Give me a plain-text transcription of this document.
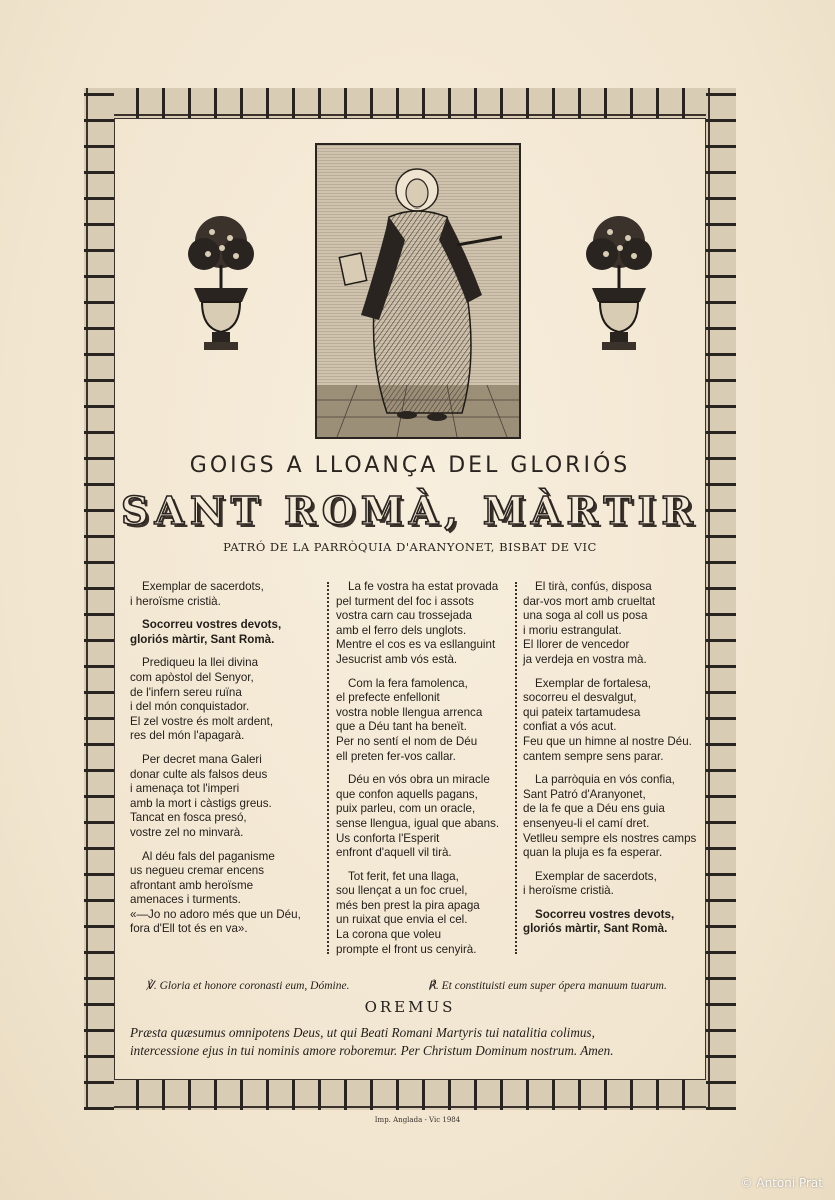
GOIGS A LLOANÇA DEL GLORIÓS
SANT ROMÀ, MÀRTIR
PATRÓ DE LA PARRÒQUIA D'ARANYONET, BISBAT DE VIC
Exemplar de sacerdots,
i heroïsme cristià.
Socorreu vostres devots,
gloriós màrtir, Sant Romà.
Prediqueu la llei divina
com apòstol del Senyor,
de l'infern sereu ruïna
i del món conquistador.
El zel vostre és molt ardent,
res del món l'apagarà.
Per decret mana Galeri
donar culte als falsos deus
i amenaça tot l'imperi
amb la mort i càstigs greus.
Tancat en fosca presó,
vostre zel no minvarà.
Al déu fals del paganisme
us negueu cremar encens
afrontant amb heroïsme
amenaces i turments.
«—Jo no adoro més que un Déu,
fora d'Ell tot és en va».
La fe vostra ha estat provada
pel turment del foc i assots
vostra carn cau trossejada
amb el ferro dels unglots.
Mentre el cos es va esllanguint
Jesucrist amb vós està.
Com la fera famolenca,
el prefecte enfellonit
vostra noble llengua arrenca
que a Déu tant ha beneït.
Per no sentí el nom de Déu
ell preten fer-vos callar.
Déu en vós obra un miracle
que confon aquells pagans,
puix parleu, com un oracle,
sense llengua, igual que abans.
Us conforta l'Esperit
enfront d'aquell vil tirà.
Tot ferit, fet una llaga,
sou llençat a un foc cruel,
més ben prest la pira apaga
un ruixat que envia el cel.
La corona que voleu
prompte el front us cenyirà.
El tirà, confús, disposa
dar-vos mort amb crueltat
una soga al coll us posa
i moriu estrangulat.
El llorer de vencedor
ja verdeja en vostra mà.
Exemplar de fortalesa,
socorreu el desvalgut,
qui pateix tartamudesa
confiat a vós acut.
Feu que un himne al nostre Déu.
cantem sempre sens parar.
La parròquia en vós confia,
Sant Patró d'Aranyonet,
de la fe que a Déu ens guia
ensenyeu-li el camí dret.
Vetlleu sempre els nostres camps
quan la pluja es fa esperar.
Exemplar de sacerdots,
i heroïsme cristià.
Socorreu vostres devots,
gloriós màrtir, Sant Romà.
℣. Gloria et honore coronasti eum, Dómine.	℟. Et constituisti eum super ópera manuum tuarum.
OREMUS
Præsta quæsumus omnipotens Deus, ut qui Beati Romani Martyris tui natalitia colimus,
intercessione ejus in tui nominis amore roboremur. Per Christum Dominum nostrum. Amen.
Imp. Anglada - Vic 1984
© Antoni Prat
